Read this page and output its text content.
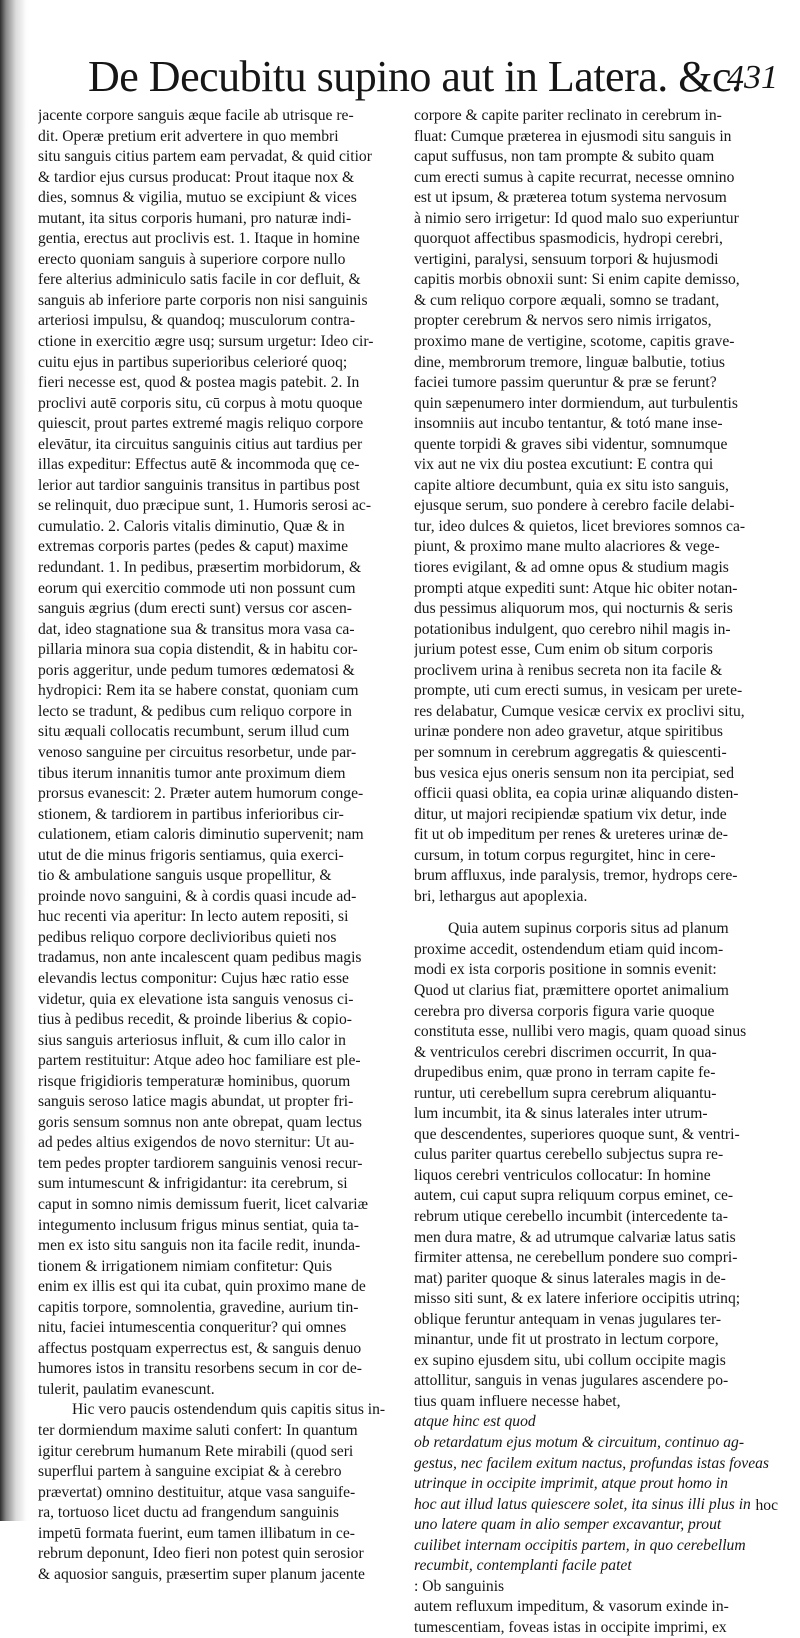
De Decubitu supino aut in Latera. &c.
431
jacente corpore sanguis æque facile ab utrisque re-
dit. Operæ pretium erit advertere in quo membri
situ sanguis citius partem eam pervadat, & quid citior
& tardior ejus cursus producat: Prout itaque nox &
dies, somnus & vigilia, mutuo se excipiunt & vices
mutant, ita situs corporis humani, pro naturæ indi-
gentia, erectus aut proclivis est. 1. Itaque in homine
erecto quoniam sanguis à superiore corpore nullo
fere alterius adminiculo satis facile in cor defluit, &
sanguis ab inferiore parte corporis non nisi sanguinis
arteriosi impulsu, & quandoq; musculorum contra-
ctione in exercitio ægre usq; sursum urgetur: Ideo cir-
cuitu ejus in partibus superioribus celerioré quoq;
fieri necesse est, quod & postea magis patebit. 2. In
proclivi autē corporis situ, cū corpus à motu quoque
quiescit, prout partes extremé magis reliquo corpore
elevātur, ita circuitus sanguinis citius aut tardius per
illas expeditur: Effectus autē & incommoda quę ce-
lerior aut tardior sanguinis transitus in partibus post
se relinquit, duo præcipue sunt, 1. Humoris serosi ac-
cumulatio. 2. Caloris vitalis diminutio, Quæ & in
extremas corporis partes (pedes & caput) maxime
redundant. 1. In pedibus, præsertim morbidorum, &
eorum qui exercitio commode uti non possunt cum
sanguis ægrius (dum erecti sunt) versus cor ascen-
dat, ideo stagnatione sua & transitus mora vasa ca-
pillaria minora sua copia distendit, & in habitu cor-
poris aggeritur, unde pedum tumores œdematosi &
hydropici: Rem ita se habere constat, quoniam cum
lecto se tradunt, & pedibus cum reliquo corpore in
situ æquali collocatis recumbunt, serum illud cum
venoso sanguine per circuitus resorbetur, unde par-
tibus iterum innanitis tumor ante proximum diem
prorsus evanescit: 2. Præter autem humorum conge-
stionem, & tardiorem in partibus inferioribus cir-
culationem, etiam caloris diminutio supervenit; nam
utut de die minus frigoris sentiamus, quia exerci-
tio & ambulatione sanguis usque propellitur, &
proinde novo sanguini, & à cordis quasi incude ad-
huc recenti via aperitur: In lecto autem repositi, si
pedibus reliquo corpore declivioribus quieti nos
tradamus, non ante incalescent quam pedibus magis
elevandis lectus componitur: Cujus hæc ratio esse
videtur, quia ex elevatione ista sanguis venosus ci-
tius à pedibus recedit, & proinde liberius & copio-
sius sanguis arteriosus influit, & cum illo calor in
partem restituitur: Atque adeo hoc familiare est ple-
risque frigidioris temperaturæ hominibus, quorum
sanguis seroso latice magis abundat, ut propter fri-
goris sensum somnus non ante obrepat, quam lectus
ad pedes altius exigendos de novo sternitur: Ut au-
tem pedes propter tardiorem sanguinis venosi recur-
sum intumescunt & infrigidantur: ita cerebrum, si
caput in somno nimis demissum fuerit, licet calvariæ
integumento inclusum frigus minus sentiat, quia ta-
men ex isto situ sanguis non ita facile redit, inunda-
tionem & irrigationem nimiam confitetur: Quis
enim ex illis est qui ita cubat, quin proximo mane de
capitis torpore, somnolentia, gravedine, aurium tin-
nitu, faciei intumescentia conqueritur? qui omnes
affectus postquam experrectus est, & sanguis denuo
humores istos in transitu resorbens secum in cor de-
tulerit, paulatim evanescunt.
Hic vero paucis ostendendum quis capitis situs in-
ter dormiendum maxime saluti confert: In quantum
igitur cerebrum humanum Rete mirabili (quod seri
superflui partem à sanguine excipiat & à cerebro
prævertat) omnino destituitur, atque vasa sanguife-
ra, tortuoso licet ductu ad frangendum sanguinis
impetū formata fuerint, eum tamen illibatum in ce-
rebrum deponunt, Ideo fieri non potest quin serosior
& aquosior sanguis, præsertim super planum jacente
corpore & capite pariter reclinato in cerebrum in-
fluat: Cumque præterea in ejusmodi situ sanguis in
caput suffusus, non tam prompte & subito quam
cum erecti sumus à capite recurrat, necesse omnino
est ut ipsum, & præterea totum systema nervosum
à nimio sero irrigetur: Id quod malo suo experiuntur
quorquot affectibus spasmodicis, hydropi cerebri,
vertigini, paralysi, sensuum torpori & hujusmodi
capitis morbis obnoxii sunt: Si enim capite demisso,
& cum reliquo corpore æquali, somno se tradant,
propter cerebrum & nervos sero nimis irrigatos,
proximo mane de vertigine, scotome, capitis grave-
dine, membrorum tremore, linguæ balbutie, totius
faciei tumore passim queruntur & præ se ferunt?
quin sæpenumero inter dormiendum, aut turbulentis
insomniis aut incubo tentantur, & totó mane inse-
quente torpidi & graves sibi videntur, somnumque
vix aut ne vix diu postea excutiunt: E contra qui
capite altiore decumbunt, quia ex situ isto sanguis,
ejusque serum, suo pondere à cerebro facile delabi-
tur, ideo dulces & quietos, licet breviores somnos ca-
piunt, & proximo mane multo alacriores & vege-
tiores evigilant, & ad omne opus & studium magis
prompti atque expediti sunt: Atque hic obiter notan-
dus pessimus aliquorum mos, qui nocturnis & seris
potationibus indulgent, quo cerebro nihil magis in-
jurium potest esse, Cum enim ob situm corporis
proclivem urina à renibus secreta non ita facile &
prompte, uti cum erecti sumus, in vesicam per urete-
res delabatur, Cumque vesicæ cervix ex proclivi situ,
urinæ pondere non adeo gravetur, atque spiritibus
per somnum in cerebrum aggregatis & quiescenti-
bus vesica ejus oneris sensum non ita percipiat, sed
officii quasi oblita, ea copia urinæ aliquando disten-
ditur, ut majori recipiendæ spatium vix detur, inde
fit ut ob impeditum per renes & ureteres urinæ de-
cursum, in totum corpus regurgitet, hinc in cere-
brum affluxus, inde paralysis, tremor, hydrops cere-
bri, lethargus aut apoplexia.
Quia autem supinus corporis situs ad planum
proxime accedit, ostendendum etiam quid incom-
modi ex ista corporis positione in somnis evenit:
Quod ut clarius fiat, præmittere oportet animalium
cerebra pro diversa corporis figura varie quoque
constituta esse, nullibi vero magis, quam quoad sinus
& ventriculos cerebri discrimen occurrit, In qua-
drupedibus enim, quæ prono in terram capite fe-
runtur, uti cerebellum supra cerebrum aliquantu-
lum incumbit, ita & sinus laterales inter utrum-
que descendentes, superiores quoque sunt, & ventri-
culus pariter quartus cerebello subjectus supra re-
liquos cerebri ventriculos collocatur: In homine
autem, cui caput supra reliquum corpus eminet, ce-
rebrum utique cerebello incumbit (intercedente ta-
men dura matre, & ad utrumque calvariæ latus satis
firmiter attensa, ne cerebellum pondere suo compri-
mat) pariter quoque & sinus laterales magis in de-
misso siti sunt, & ex latere inferiore occipitis utrinq;
oblique feruntur antequam in venas jugulares ter-
minantur, unde fit ut prostrato in lectum corpore,
ex supino ejusdem situ, ubi collum occipite magis
attollitur, sanguis in venas jugulares ascendere po-
tius quam influere necesse habet,
atque hinc est quod
ob retardatum ejus motum & circuitum, continuo ag-
gestus, nec facilem exitum nactus, profundas istas foveas
utrinque in occipite imprimit, atque prout homo in
hoc aut illud latus quiescere solet, ita sinus illi plus in
uno latere quam in alio semper excavantur, prout
cuilibet internam occipitis partem, in quo cerebellum
recumbit, contemplanti facile patet
: Ob sanguinis
autem refluxum impeditum, & vasorum exinde in-
tumescentiam, foveas istas in occipite imprimi, ex
hoc
